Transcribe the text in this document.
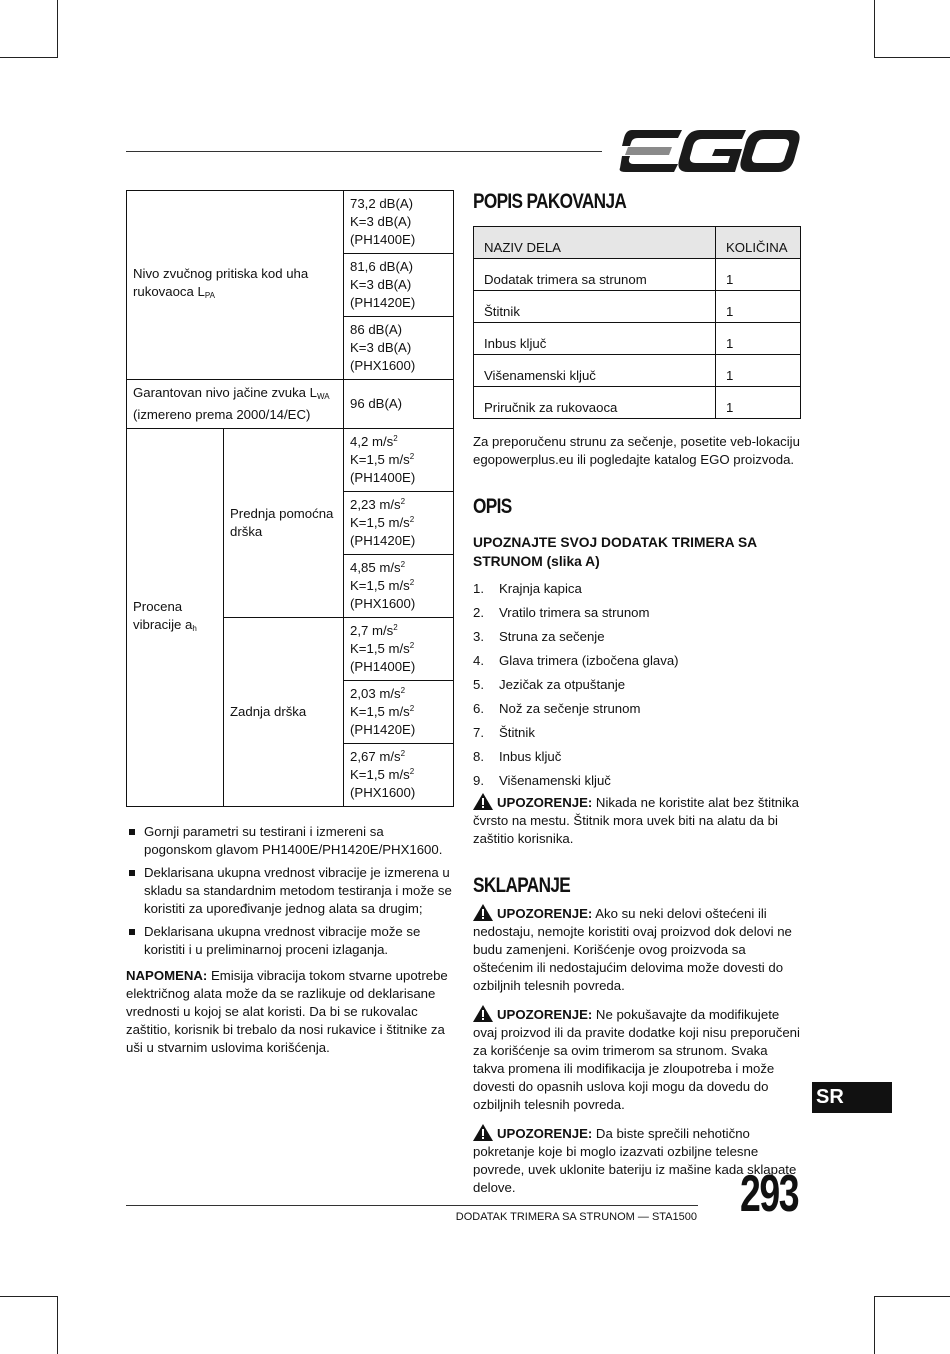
Nivo zvučnog pritiska kod uha rukovaoca $L_{PA}$		73,2 dB(A)
K=3 dB(A)
(PH1400E)

		81,6 dB(A)
K=3 dB(A)
(PH1420E)

		86 dB(A)
K=3 dB(A)
(PHX1600)

Garantovan nivo jačine zvuka $L_{WA}$
(izmereno prema 2000/14/EC)		96 dB(A)
Procena vibracije $a_h$	Prednja pomoćna drška	4,2 $m/s^2$
K=1,5 $m/s^2$
(PH1400E)

		2,23 $m/s^2$
K=1,5 $m/s^2$
(PH1420E)

		4,85 $m/s^2$
K=1,5 $m/s^2$
(PHX1600)

	Zadnja drška	2,7 $m/s^2$
K=1,5 $m/s^2$
(PH1400E)

		2,03 $m/s^2$
K=1,5 $m/s^2$
(PH1420E)

		2,67 $m/s^2$
K=1,5 $m/s^2$
(PHX1600)
Gornji parametri su testirani i izmereni sa pogonskom glavom PH1400E/PH1420E/PHX1600.
Deklarisana ukupna vrednost vibracije je izmerena u skladu sa standardnim metodom testiranja i može se koristiti za upoređivanje jednog alata sa drugim;
Deklarisana ukupna vrednost vibracije može se koristiti i u preliminarnoj proceni izlaganja.

NAPOMENA: Emisija vibracija tokom stvarne upotrebe električnog alata može da se razlikuje od deklarisane vrednosti u kojoj se alat koristi. Da bi se rukovalac zaštitio, korisnik bi trebalo da nosi rukavice i štitnike za uši u stvarnim uslovima korišćenja.

POPIS PAKOVANJA
NAZIV DELA	KOLIČINA
Dodatak trimera sa strunom	1
Štitnik	1
Inbus ključ	1
Višenamenski ključ	1
Priručnik za rukovaoca	1

Za preporučenu strunu za sečenje, posetite veb-lokaciju egopowerplus.eu ili pogledajte katalog EGO proizvoda.

OPIS
UPOZNAJTE SVOJ DODATAK TRIMERA SA STRUNOM (slika A)
1.	Krajnja kapica
2.	Vratilo trimera sa strunom
3.	Struna za sečenje
4.	Glava trimera (izbočena glava)
5.	Jezičak za otpuštanje
6.	Nož za sečenje strunom
7.	Štitnik
8.	Inbus ključ
9.	Višenamenski ključ

UPOZORENJE: Nikada ne koristite alat bez štitnika čvrsto na mestu. Štitnik mora uvek biti na alatu da bi zaštitio korisnika.

SKLAPANJE

UPOZORENJE: Ako su neki delovi oštećeni ili nedostaju, nemojte koristiti ovaj proizvod dok delovi ne budu zamenjeni. Korišćenje ovog proizvoda sa oštećenim ili nedostajućim delovima može dovesti do ozbiljnih telesnih povreda.

UPOZORENJE: Ne pokušavajte da modifikujete ovaj proizvod ili da pravite dodatke koji nisu preporučeni za korišćenje sa ovim trimerom sa strunom. Svaka takva promena ili modifikacija je zloupotreba i može dovesti do opasnih uslova koji mogu da dovedu do ozbiljnih telesnih povreda.

UPOZORENJE: Da biste sprečili nehotično pokretanje koje bi moglo izazvati ozbiljne telesne povrede, uvek uklonite bateriju iz mašine kada sklapate delove.

SR
DODATAK TRIMERA SA STRUNOM — STA1500 293
